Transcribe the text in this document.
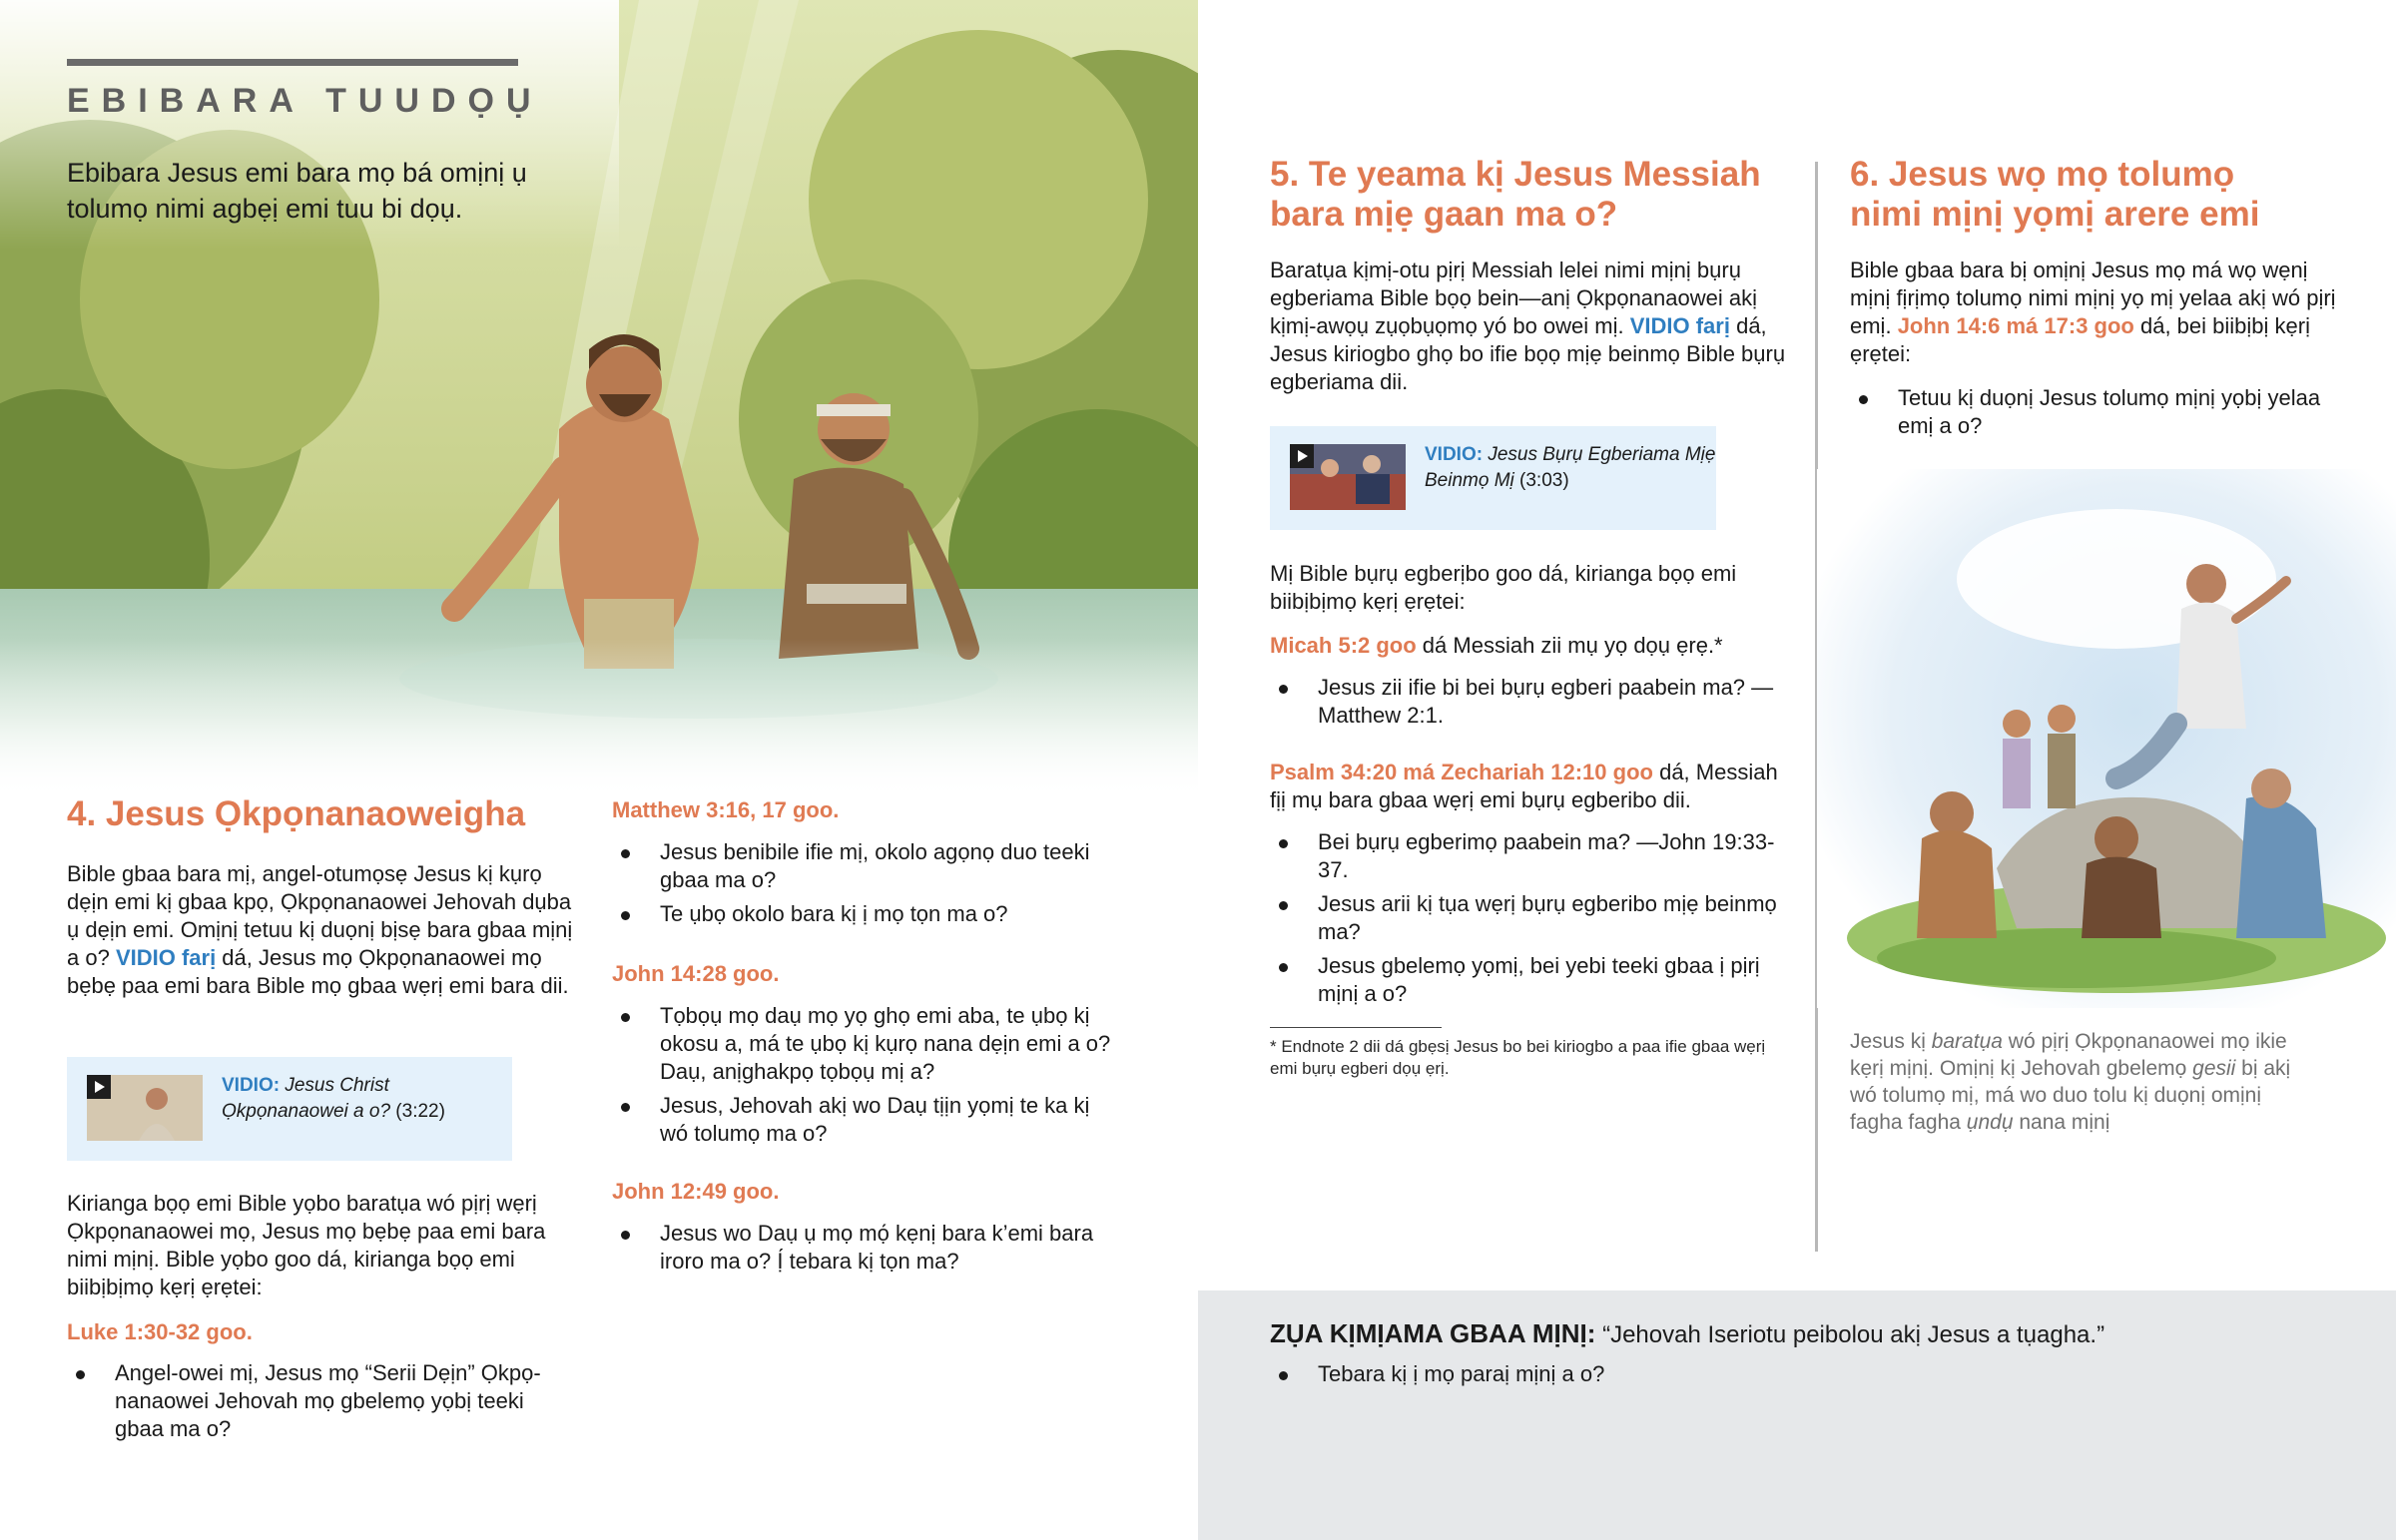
EBIBARA TUUDỌỤ
Ebibara Jesus emi bara mọ bá omịnị ụ tolumọ nimi agbẹị emi tuu bi dọụ.
4. Jesus Ọkpọnanaoweigha
Bible gbaa bara mị, angel-otumọsẹ Jesus kị kụrọ dẹịn emi kị gbaa kpọ, Ọkpọnanaowei Jehovah dụba ụ dẹịn emi. Omịnị tetuu kị duọnị bịsẹ bara gbaa mịnị a o? VIDIO farị dá, Jesus mọ Ọkpọnanaowei mọ bẹbẹ paa emi bara Bible mọ gbaa wẹrị emi bara dii.
VIDIO: Jesus Christ Ọkpọnanaowei a o? (3:22)
Kirianga bọọ emi Bible yọbo baratụa wó pịrị wẹrị Ọkpọnanaowei mọ, Jesus mọ bẹbẹ paa emi bara nimi mịnị. Bible yọbo goo dá, kirianga bọọ emi biibịbịmọ kẹrị ẹrẹtei:
Luke 1:30-32 goo.
Angel-owei mị, Jesus mọ “Serii Dẹịn” Ọkpọnanaowei Jehovah mọ gbelemọ yọbị teeki gbaa ma o?
Matthew 3:16, 17 goo.
Jesus benibile ifie mị, okolo agọnọ duo teeki gbaa ma o?
Te ụbọ okolo bara kị ị mọ tọn ma o?
John 14:28 goo.
Tọbọụ mọ daụ mọ yọ ghọ emi aba, te ụbọ kị okosu a, má te ụbọ kị kụrọ nana dẹịn emi a o? Daụ, anịghakpọ tọbọụ mị a?
Jesus, Jehovah akị wo Daụ tịịn yọmị te ka kị wó tolumọ ma o?
John 12:49 goo.
Jesus wo Daụ ụ mọ mọ́ kẹnị bara k’emi bara iroro ma o? Ị́ tebara kị tọn ma?
5. Te yeama kị Jesus Messiah
bara mịẹ gaan ma o?
Baratụa kịmị-otu pịrị Messiah lelei nimi mịnị bụrụ egberiama Bible bọọ bein—anị Ọkpọnanaowei akị kịmị-awọụ zụọbụọmọ yó bo owei mị. VIDIO farị dá, Jesus kiriogbo ghọ bo ifie bọọ mịẹ beinmọ Bible bụrụ egberiama dii.
VIDIO: Jesus Bụrụ Egberiama Mịẹ Beinmọ Mị (3:03)
Mị Bible bụrụ egberịbo goo dá, kirianga bọọ emi biibịbịmọ kẹrị ẹrẹtei:
Micah 5:2 goo dá Messiah zii mụ yọ dọụ ẹrẹ.*
Jesus zii ifie bi bei bụrụ egberi paabein ma? —Matthew 2:1.
Psalm 34:20 má Zechariah 12:10 goo dá, Messiah fịị mụ bara gbaa wẹrị emi bụrụ egberibo dii.
Bei bụrụ egberimọ paabein ma? —John 19:33-37.
Jesus arii kị tụa wẹrị bụrụ egberibo mịẹ beinmọ ma?
Jesus gbelemọ yọmị, bei yebi teeki gbaa ị pịrị mịnị a o?
* Endnote 2 dii dá gbẹsị Jesus bo bei kiriogbo a paa ifie gbaa wẹrị emi bụrụ egberi dọụ ẹrị.
6. Jesus wọ mọ tolumọ
nimi mịnị yọmị arere emi
Bible gbaa bara bị omịnị Jesus mọ má wọ wẹnị mịnị fịrịmọ tolumọ nimi mịnị yọ mị yelaa akị wó pịrị emị. John 14:6 má 17:3 goo dá, bei biibịbị kẹrị ẹrẹtei:
Tetuu kị duọnị Jesus tolumọ mịnị yọbị yelaa emị a o?
Jesus kị baratụa wó pịrị Ọkpọnanaowei mọ ikie kẹrị mịnị. Omịnị kị Jehovah gbelemọ gesii bị akị wó tolumọ mị, má wo duo tolu kị duọnị omịnị fagha fagha ụndụ nana mịnị
ZỤA KỊMỊAMA GBAA MỊNỊ: “Jehovah Iseriotu peibolou akị Jesus a tụagha.”
Tebara kị ị mọ paraị mịnị a o?
